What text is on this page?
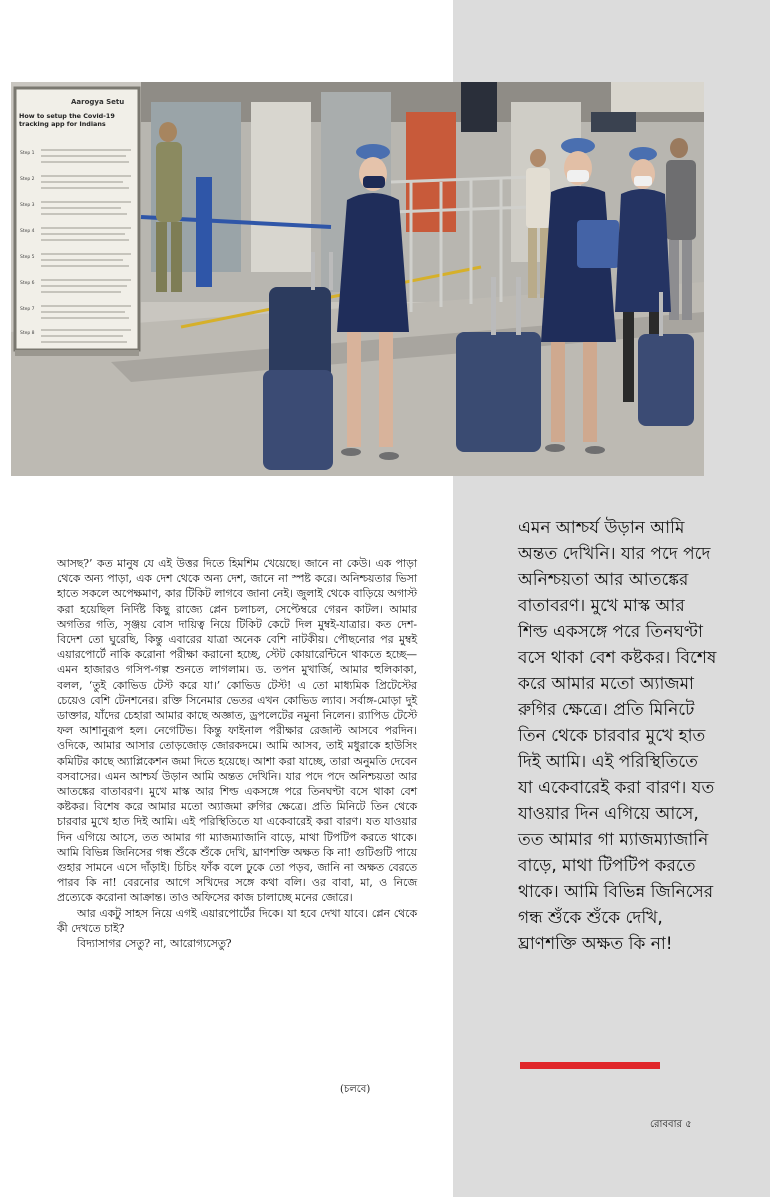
Aarogya Setu
How to setup the Covid-19 tracking app for Indians
Step 1
Step 2
Step 3
Step 4
Step 5
Step 6
Step 7
Step 8

আসছ?’ কত মানুষ যে এই উত্তর দিতে হিমশিম খেয়েছে। জানে না কেউ। এক পাড়া থেকে অন্য পাড়া, এক দেশ থেকে অন্য দেশ, জানে না স্পষ্ট করে। অনিশ্চয়তার ভিসা হাতে সকলে অপেক্ষমাণ, কার টিকিট লাগবে জানা নেই। জুলাই থেকে বাড়িয়ে অগাস্ট করা হয়েছিল নির্দিষ্ট কিছু রাজ্যে প্লেন চলাচল, সেপ্টেম্বরে গেরন কাটল। আমার অগতির গতি, সৃঞ্জয় বোস দায়িত্ব নিয়ে টিকিট কেটে দিল মুম্বই-যাত্রার। কত দেশ-বিদেশ তো ঘুরেছি, কিন্তু এবারের যাত্রা অনেক বেশি নাটকীয়। পৌছনোর পর মুম্বই এয়ারপোর্টে নাকি করোনা পরীক্ষা করানো হচ্ছে, স্টেট কোয়ারেন্টিনে থাকতে হচ্ছে— এমন হাজারও গসিপ-গল্প শুনতে লাগলাম। ড. তপন মুখার্জি, আমার হুলিকাকা, বলল, ‘তুই কোভিড টেস্ট করে যা।’ কোভিড টেস্ট! এ তো মাধ্যমিক প্রিটেস্টের চেয়েও বেশি টেনশনের। রক্তি সিনেমার ভেতর এখন কোভিড ল্যাব। সর্বাঙ্গ-মোড়া দুই ডাক্তার, যাঁদের চেহারা আমার কাছে অজ্ঞাত, ড্রপলেটের নমুনা নিলেন। র‍্যাপিড টেস্টে ফল আশানুরূপ হল। নেগেটিভ। কিন্তু ফাইনাল পরীক্ষার রেজাল্ট আসবে পরদিন। ওদিকে, আমার আসার তোড়জোড় জোরকদমে। আমি আসব, তাই মধুরাকে হাউসিং কমিটির কাছে অ্যাপ্লিকেশন জমা দিতে হয়েছে। আশা করা যাচ্ছে, তারা অনুমতি দেবেন বসবাসের। এমন আশ্চর্য উড়ান আমি অন্তত দেখিনি। যার পদে পদে অনিশ্চয়তা আর আতঙ্কের বাতাবরণ। মুখে মাস্ক আর শিল্ড একসঙ্গে পরে তিনঘণ্টা বসে থাকা বেশ কষ্টকর। বিশেষ করে আমার মতো অ্যাজমা রুগির ক্ষেত্রে। প্রতি মিনিটে তিন থেকে চারবার মুখে হাত দিই আমি। এই পরিস্থিতিতে যা একেবারেই করা বারণ। যত যাওয়ার দিন এগিয়ে আসে, তত আমার গা ম্যাজম্যাজানি বাড়ে, মাথা টিপটিপ করতে থাকে। আমি বিভিন্ন জিনিসের গন্ধ শুঁকে শুঁকে দেখি, ঘ্রাণশক্তি অক্ষত কি না! গুটিগুটি পায়ে গুহার সামনে এসে দাঁড়াই। চিচিং ফাঁক বলে ঢুকে তো পড়ব, জানি না অক্ষত বেরতে পারব কি না! বেরনোর আগে সখিদের সঙ্গে কথা বলি। ওর বাবা, মা, ও নিজে প্রত্যেকে করোনা আক্রান্ত। তাও অফিসের কাজ চালাচ্ছে মনের জোরে।

আর একটু সাহস নিয়ে এগই এয়ারপোর্টের দিকে। যা হবে দেখা যাবে। প্লেন থেকে কী দেখতে চাই?

বিদ্যাসাগর সেতু? না, আরোগ্যসেতু?

(চলবে)
এমন আশ্চর্য উড়ান আমি অন্তত দেখিনি। যার পদে পদে অনিশ্চয়তা আর আতঙ্কের বাতাবরণ। মুখে মাস্ক আর শিল্ড একসঙ্গে পরে তিনঘণ্টা বসে থাকা বেশ কষ্টকর। বিশেষ করে আমার মতো অ্যাজমা রুগির ক্ষেত্রে। প্রতি মিনিটে তিন থেকে চারবার মুখে হাত দিই আমি। এই পরিস্থিতিতে যা একেবারেই করা বারণ। যত যাওয়ার দিন এগিয়ে আসে, তত আমার গা ম্যাজম্যাজানি বাড়ে, মাথা টিপটিপ করতে থাকে। আমি বিভিন্ন জিনিসের গন্ধ শুঁকে শুঁকে দেখি, ঘ্রাণশক্তি অক্ষত কি না!
রোববার ৫
